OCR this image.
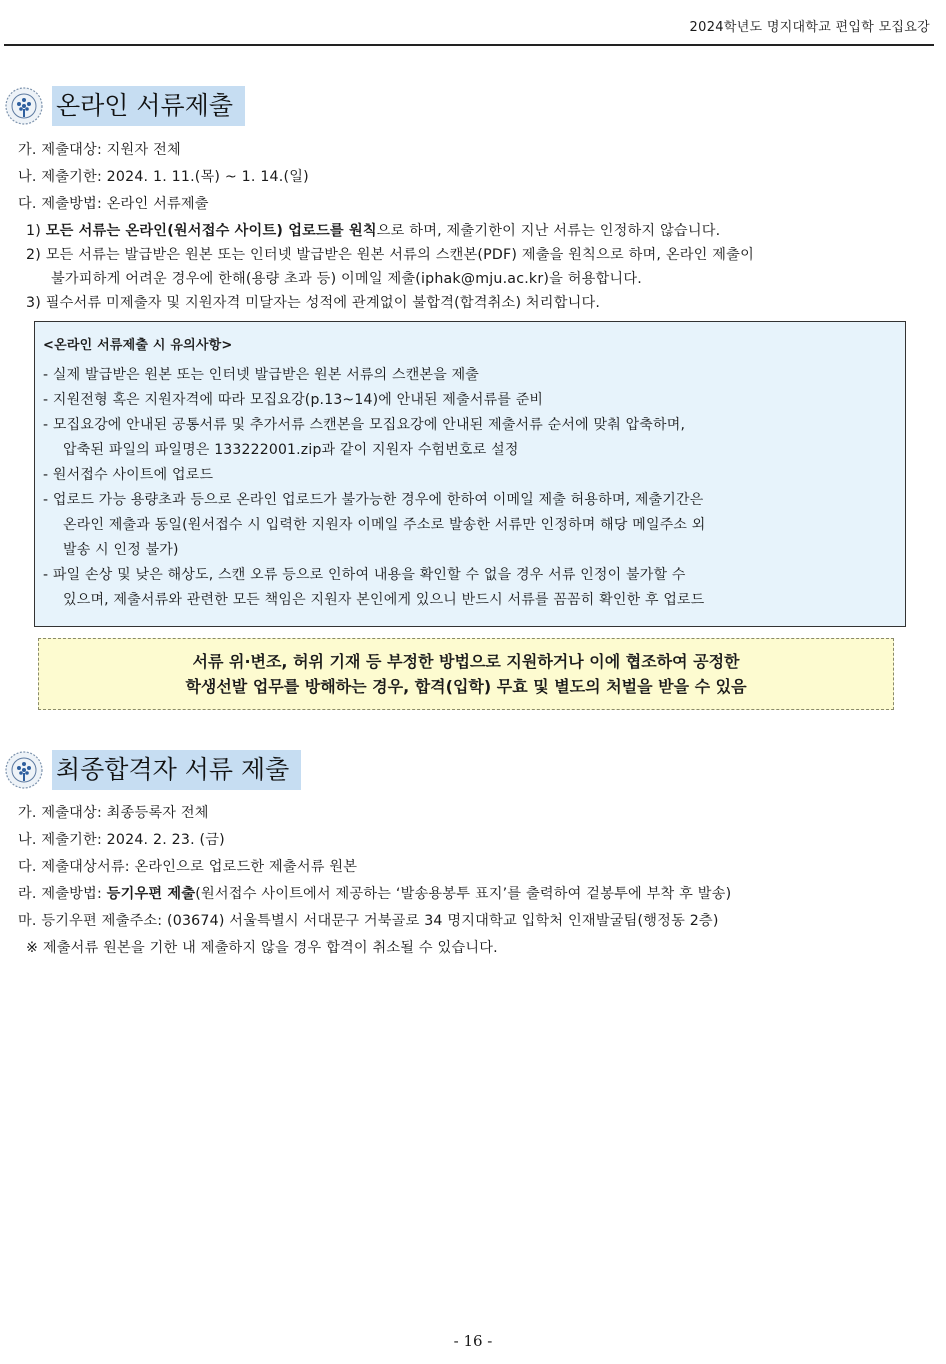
2024학년도 명지대학교 편입학 모집요강
온라인 서류제출
가. 제출대상: 지원자 전체
나. 제출기한: 2024. 1. 11.(목) ~ 1. 14.(일)
다. 제출방법: 온라인 서류제출
1) 모든 서류는 온라인(원서접수 사이트) 업로드를 원칙으로 하며, 제출기한이 지난 서류는 인정하지 않습니다.
2) 모든 서류는 발급받은 원본 또는 인터넷 발급받은 원본 서류의 스캔본(PDF) 제출을 원칙으로 하며, 온라인 제출이
불가피하게 어려운 경우에 한해(용량 초과 등) 이메일 제출(iphak@mju.ac.kr)을 허용합니다.
3) 필수서류 미제출자 및 지원자격 미달자는 성적에 관계없이 불합격(합격취소) 처리합니다.
<온라인 서류제출 시 유의사항>
- 실제 발급받은 원본 또는 인터넷 발급받은 원본 서류의 스캔본을 제출
- 지원전형 혹은 지원자격에 따라 모집요강(p.13~14)에 안내된 제출서류를 준비
- 모집요강에 안내된 공통서류 및 추가서류 스캔본을 모집요강에 안내된 제출서류 순서에 맞춰 압축하며,
압축된 파일의 파일명은 133222001.zip과 같이 지원자 수험번호로 설정
- 원서접수 사이트에 업로드
- 업로드 가능 용량초과 등으로 온라인 업로드가 불가능한 경우에 한하여 이메일 제출 허용하며, 제출기간은
온라인 제출과 동일(원서접수 시 입력한 지원자 이메일 주소로 발송한 서류만 인정하며 해당 메일주소 외
발송 시 인정 불가)
- 파일 손상 및 낮은 해상도, 스캔 오류 등으로 인하여 내용을 확인할 수 없을 경우 서류 인정이 불가할 수
있으며, 제출서류와 관련한 모든 책임은 지원자 본인에게 있으니 반드시 서류를 꼼꼼히 확인한 후 업로드
서류 위·변조, 허위 기재 등 부정한 방법으로 지원하거나 이에 협조하여 공정한
학생선발 업무를 방해하는 경우, 합격(입학) 무효 및 별도의 처벌을 받을 수 있음
최종합격자 서류 제출
가. 제출대상: 최종등록자 전체
나. 제출기한: 2024. 2. 23. (금)
다. 제출대상서류: 온라인으로 업로드한 제출서류 원본
라. 제출방법: 등기우편 제출(원서접수 사이트에서 제공하는 ‘발송용봉투 표지’를 출력하여 겉봉투에 부착 후 발송)
마. 등기우편 제출주소: (03674) 서울특별시 서대문구 거북골로 34 명지대학교 입학처 인재발굴팀(행정동 2층)
※ 제출서류 원본을 기한 내 제출하지 않을 경우 합격이 취소될 수 있습니다.
- 16 -
